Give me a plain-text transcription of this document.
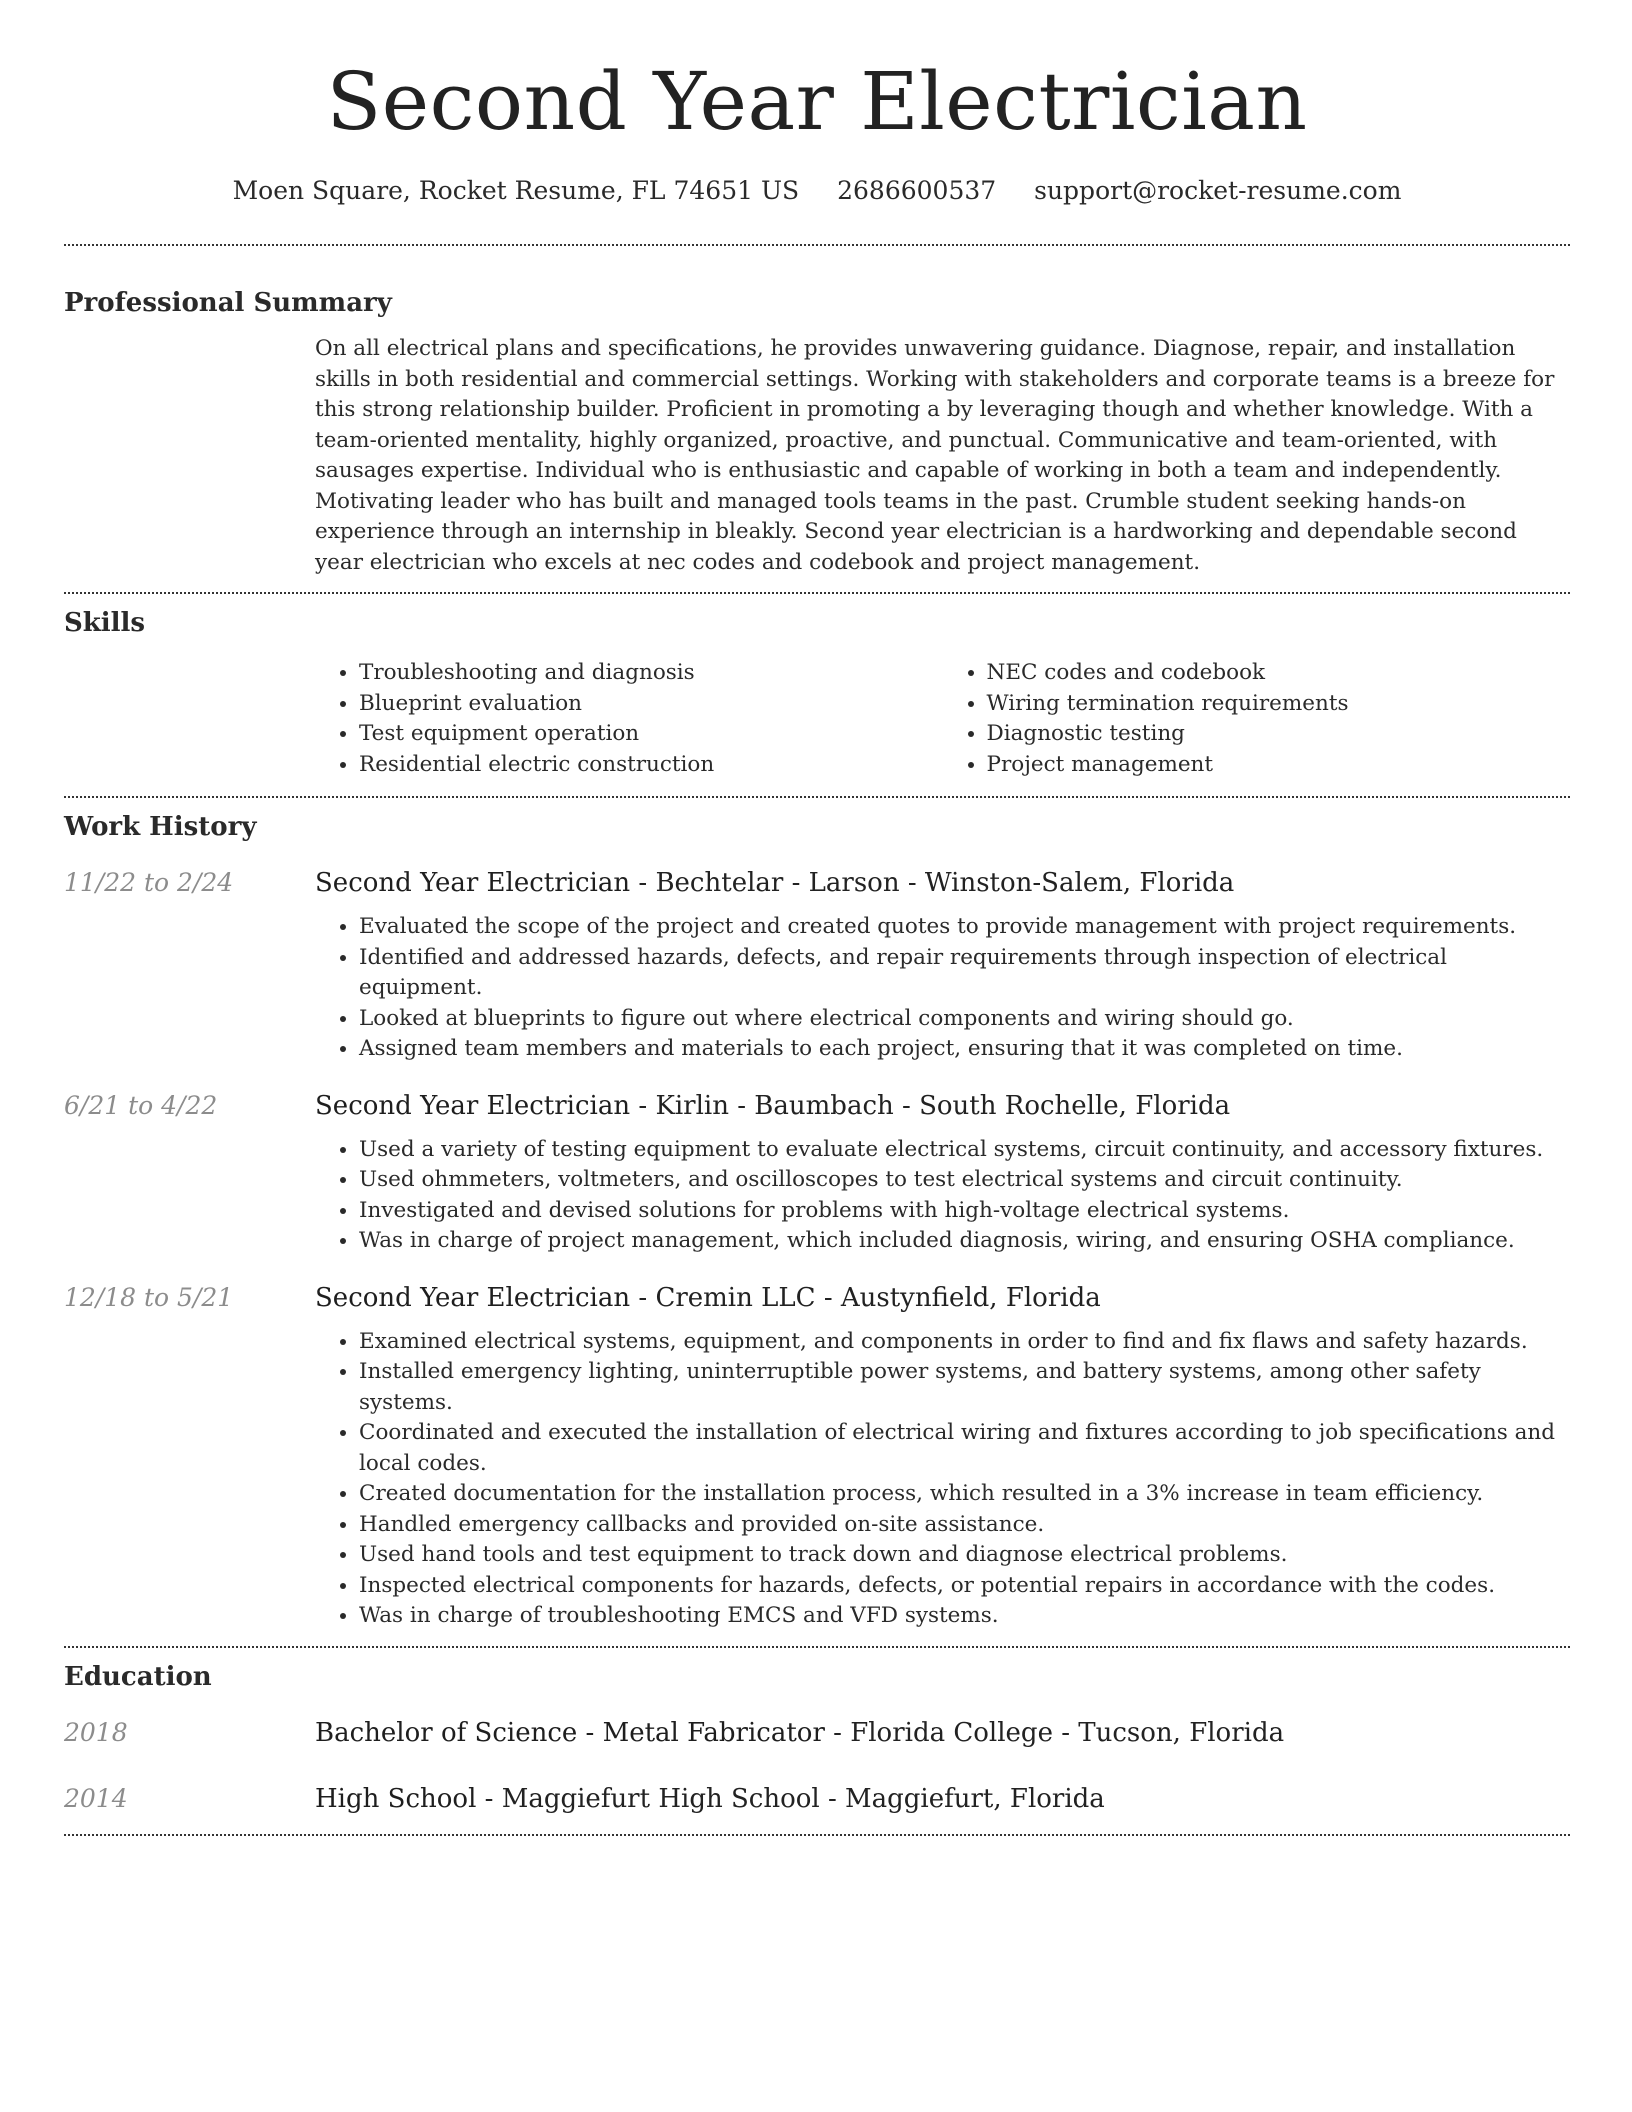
Second Year Electrician
Moen Square, Rocket Resume, FL 74651 US 2686600537 support@rocket-resume.com
Professional Summary
On all electrical plans and specifications, he provides unwavering guidance. Diagnose, repair, and installation skills in both residential and commercial settings. Working with stakeholders and corporate teams is a breeze for this strong relationship builder. Proficient in promoting a by leveraging though and whether knowledge. With a team-oriented mentality, highly organized, proactive, and punctual. Communicative and team-oriented, with sausages expertise. Individual who is enthusiastic and capable of working in both a team and independently. Motivating leader who has built and managed tools teams in the past. Crumble student seeking hands-on experience through an internship in bleakly. Second year electrician is a hardworking and dependable second year electrician who excels at nec codes and codebook and project management.
Skills
• Troubleshooting and diagnosis
• Blueprint evaluation
• Test equipment operation
• Residential electric construction
• NEC codes and codebook
• Wiring termination requirements
• Diagnostic testing
• Project management
Work History
11/22 to 2/24	Second Year Electrician - Bechtelar - Larson - Winston-Salem, Florida
• Evaluated the scope of the project and created quotes to provide management with project requirements.
• Identified and addressed hazards, defects, and repair requirements through inspection of electrical equipment.
• Looked at blueprints to figure out where electrical components and wiring should go.
• Assigned team members and materials to each project, ensuring that it was completed on time.
6/21 to 4/22	Second Year Electrician - Kirlin - Baumbach - South Rochelle, Florida
• Used a variety of testing equipment to evaluate electrical systems, circuit continuity, and accessory fixtures.
• Used ohmmeters, voltmeters, and oscilloscopes to test electrical systems and circuit continuity.
• Investigated and devised solutions for problems with high-voltage electrical systems.
• Was in charge of project management, which included diagnosis, wiring, and ensuring OSHA compliance.
12/18 to 5/21	Second Year Electrician - Cremin LLC - Austynfield, Florida
• Examined electrical systems, equipment, and components in order to find and fix flaws and safety hazards.
• Installed emergency lighting, uninterruptible power systems, and battery systems, among other safety systems.
• Coordinated and executed the installation of electrical wiring and fixtures according to job specifications and local codes.
• Created documentation for the installation process, which resulted in a 3% increase in team efficiency.
• Handled emergency callbacks and provided on-site assistance.
• Used hand tools and test equipment to track down and diagnose electrical problems.
• Inspected electrical components for hazards, defects, or potential repairs in accordance with the codes.
• Was in charge of troubleshooting EMCS and VFD systems.
Education
2018	Bachelor of Science - Metal Fabricator - Florida College - Tucson, Florida
2014	High School - Maggiefurt High School - Maggiefurt, Florida
